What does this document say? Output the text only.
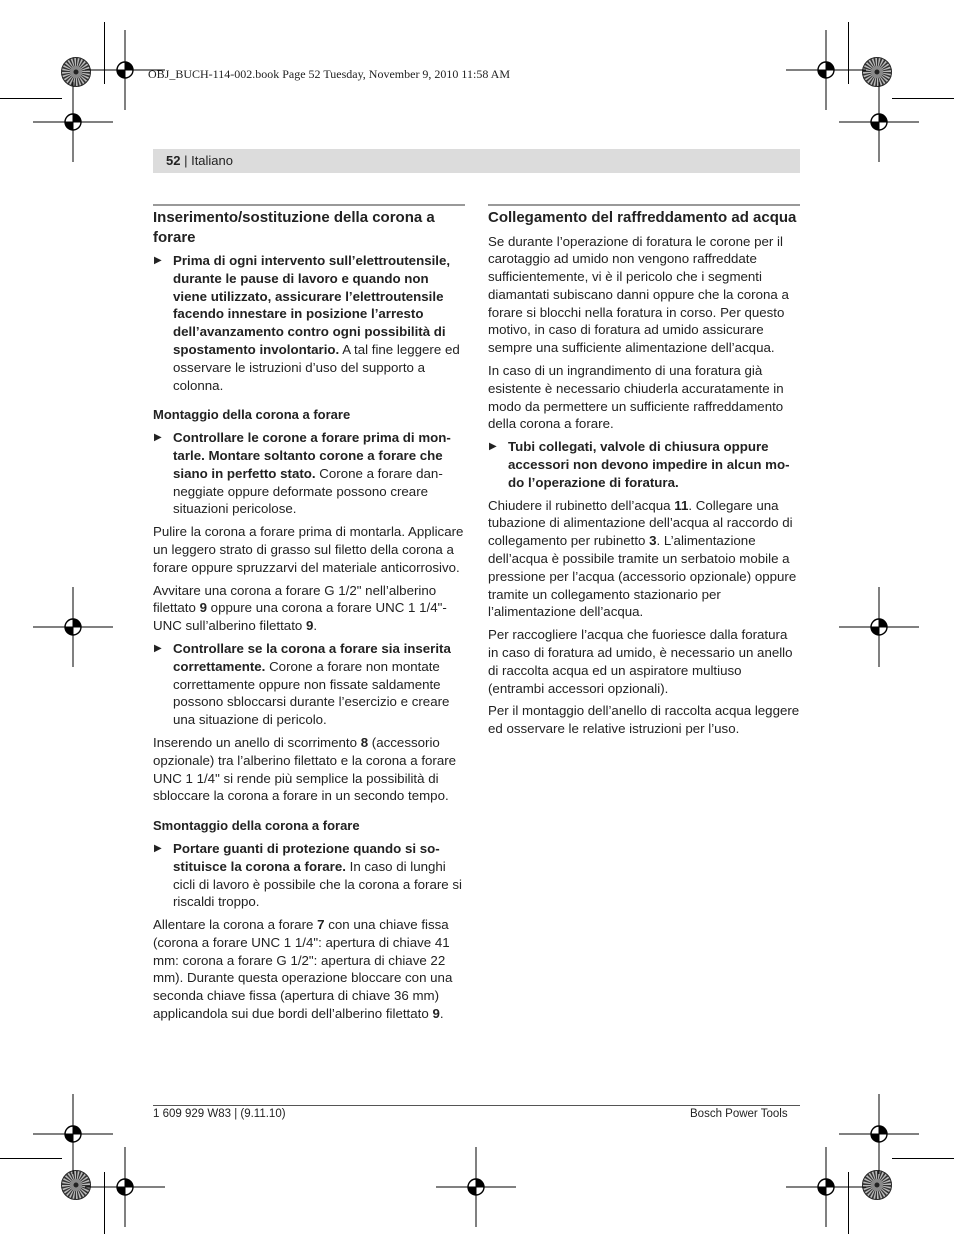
OBJ_BUCH-114-002.book Page 52 Tuesday, November 9, 2010 11:58 AM
52 | Italiano
Inserimento/sostituzione della corona a forare
▶ Prima di ogni intervento sull’elettroutensile, durante le pause di lavoro e quando non viene utilizzato, assicurare l’elettroutensile facendo innestare in posizione l’arresto dell’avanzamento contro ogni possibilità di spostamento involontario. A tal fine leggere ed osservare le istruzioni d’uso del supporto a colonna.
Montaggio della corona a forare
▶ Controllare le corone a forare prima di montarle. Montare soltanto corone a forare che siano in perfetto stato. Corone a forare danneggiate oppure deformate possono creare situazioni pericolose.
Pulire la corona a forare prima di montarla. Applicare un leggero strato di grasso sul filetto della corona a forare oppure spruzzarvi del materiale anticorrosivo.
Avvitare una corona a forare G 1/2" nell’alberino filettato 9 oppure una corona a forare UNC 1 1/4"-UNC sull’alberino filettato 9.
▶ Controllare se la corona a forare sia inserita correttamente. Corone a forare non montate correttamente oppure non fissate saldamente possono sbloccarsi durante l’esercizio e creare una situazione di pericolo.
Inserendo un anello di scorrimento 8 (accessorio opzionale) tra l’alberino filettato e la corona a forare UNC 1 1/4" si rende più semplice la possibilità di sbloccare la corona a forare in un secondo tempo.
Smontaggio della corona a forare
▶ Portare guanti di protezione quando si sostituisce la corona a forare. In caso di lunghi cicli di lavoro è possibile che la corona a forare si riscaldi troppo.
Allentare la corona a forare 7 con una chiave fissa (corona a forare UNC 1 1/4": apertura di chiave 41 mm: corona a forare G 1/2": apertura di chiave 22 mm). Durante questa operazione bloccare con una seconda chiave fissa (apertura di chiave 36 mm) applicandola sui due bordi dell’alberino filettato 9.
Collegamento del raffreddamento ad acqua
Se durante l’operazione di foratura le corone per il carotaggio ad umido non vengono raffreddate sufficientemente, vi è il pericolo che i segmenti diamantati subiscano danni oppure che la corona a forare si blocchi nella foratura in corso. Per questo motivo, in caso di foratura ad umido assicurare sempre una sufficiente alimentazione dell’acqua.
In caso di un ingrandimento di una foratura già esistente è necessario chiuderla accuratamente in modo da permettere un sufficiente raffreddamento della corona a forare.
▶ Tubi collegati, valvole di chiusura oppure accessori non devono impedire in alcun modo l’operazione di foratura.
Chiudere il rubinetto dell’acqua 11. Collegare una tubazione di alimentazione dell’acqua al raccordo di collegamento per rubinetto 3. L’alimentazione dell’acqua è possibile tramite un serbatoio mobile a pressione per l’acqua (accessorio opzionale) oppure tramite un collegamento stazionario per l’alimentazione dell’acqua.
Per raccogliere l’acqua che fuoriesce dalla foratura in caso di foratura ad umido, è necessario un anello di raccolta acqua ed un aspiratore multiuso (entrambi accessori opzionali).
Per il montaggio dell’anello di raccolta acqua leggere ed osservare le relative istruzioni per l’uso.
1 609 929 W83 | (9.11.10)	Bosch Power Tools
